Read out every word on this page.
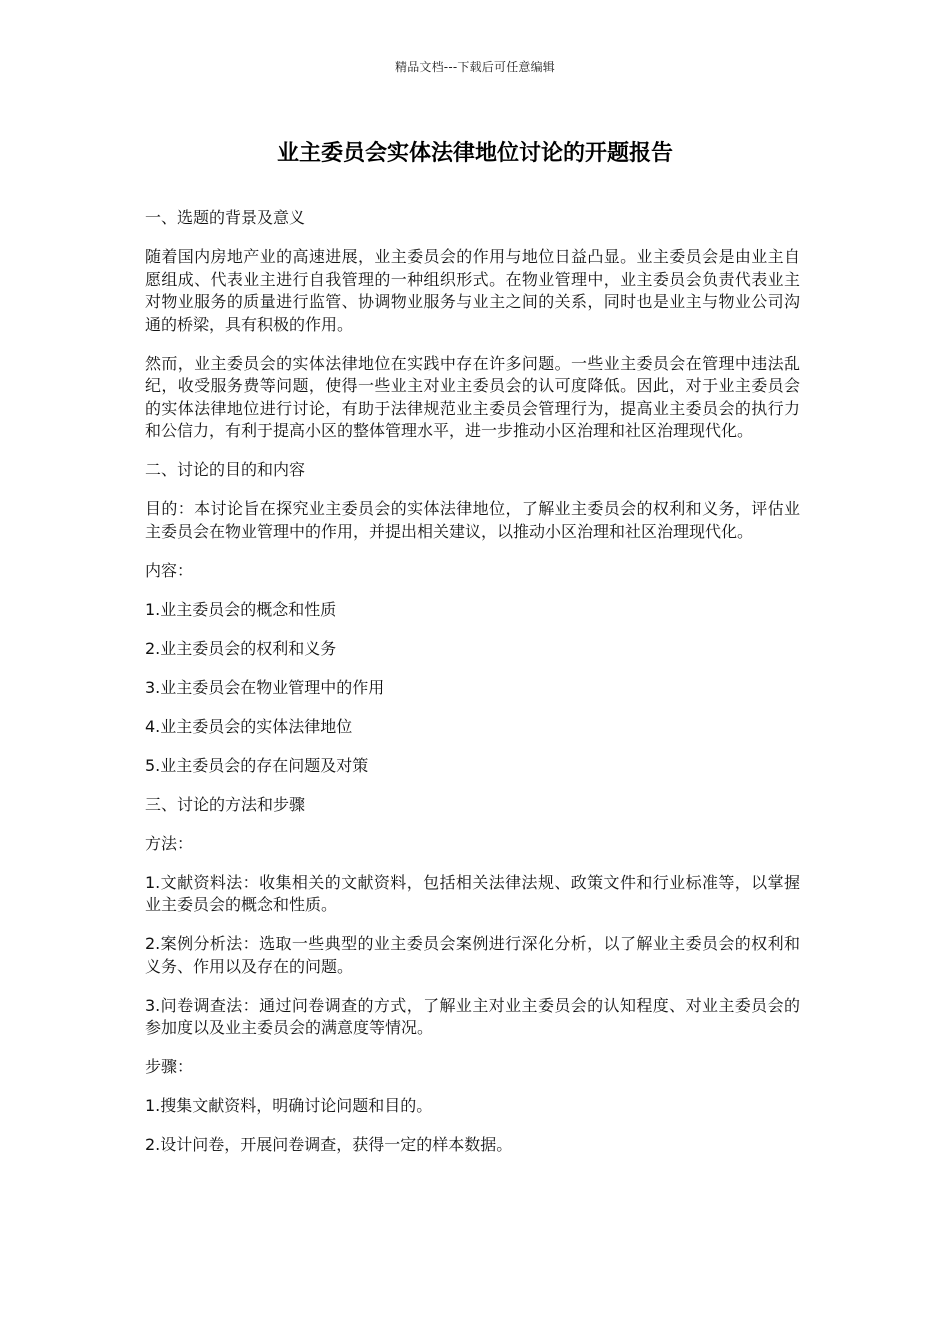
精品文档---下载后可任意编辑
业主委员会实体法律地位讨论的开题报告

一、选题的背景及意义

随着国内房地产业的高速进展，业主委员会的作用与地位日益凸显。业主委员会是由业主自愿组成、代表业主进行自我管理的一种组织形式。在物业管理中，业主委员会负责代表业主对物业服务的质量进行监管、协调物业服务与业主之间的关系，同时也是业主与物业公司沟通的桥梁，具有积极的作用。

然而，业主委员会的实体法律地位在实践中存在许多问题。一些业主委员会在管理中违法乱纪，收受服务费等问题，使得一些业主对业主委员会的认可度降低。因此，对于业主委员会的实体法律地位进行讨论，有助于法律规范业主委员会管理行为，提高业主委员会的执行力和公信力，有利于提高小区的整体管理水平，进一步推动小区治理和社区治理现代化。

二、讨论的目的和内容

目的：本讨论旨在探究业主委员会的实体法律地位，了解业主委员会的权利和义务，评估业主委员会在物业管理中的作用，并提出相关建议，以推动小区治理和社区治理现代化。

内容：

1.业主委员会的概念和性质

2.业主委员会的权利和义务

3.业主委员会在物业管理中的作用

4.业主委员会的实体法律地位

5.业主委员会的存在问题及对策

三、讨论的方法和步骤

方法：

1.文献资料法：收集相关的文献资料，包括相关法律法规、政策文件和行业标准等，以掌握业主委员会的概念和性质。

2.案例分析法：选取一些典型的业主委员会案例进行深化分析，以了解业主委员会的权利和义务、作用以及存在的问题。

3.问卷调查法：通过问卷调查的方式，了解业主对业主委员会的认知程度、对业主委员会的参加度以及业主委员会的满意度等情况。

步骤：

1.搜集文献资料，明确讨论问题和目的。

2.设计问卷，开展问卷调查，获得一定的样本数据。
